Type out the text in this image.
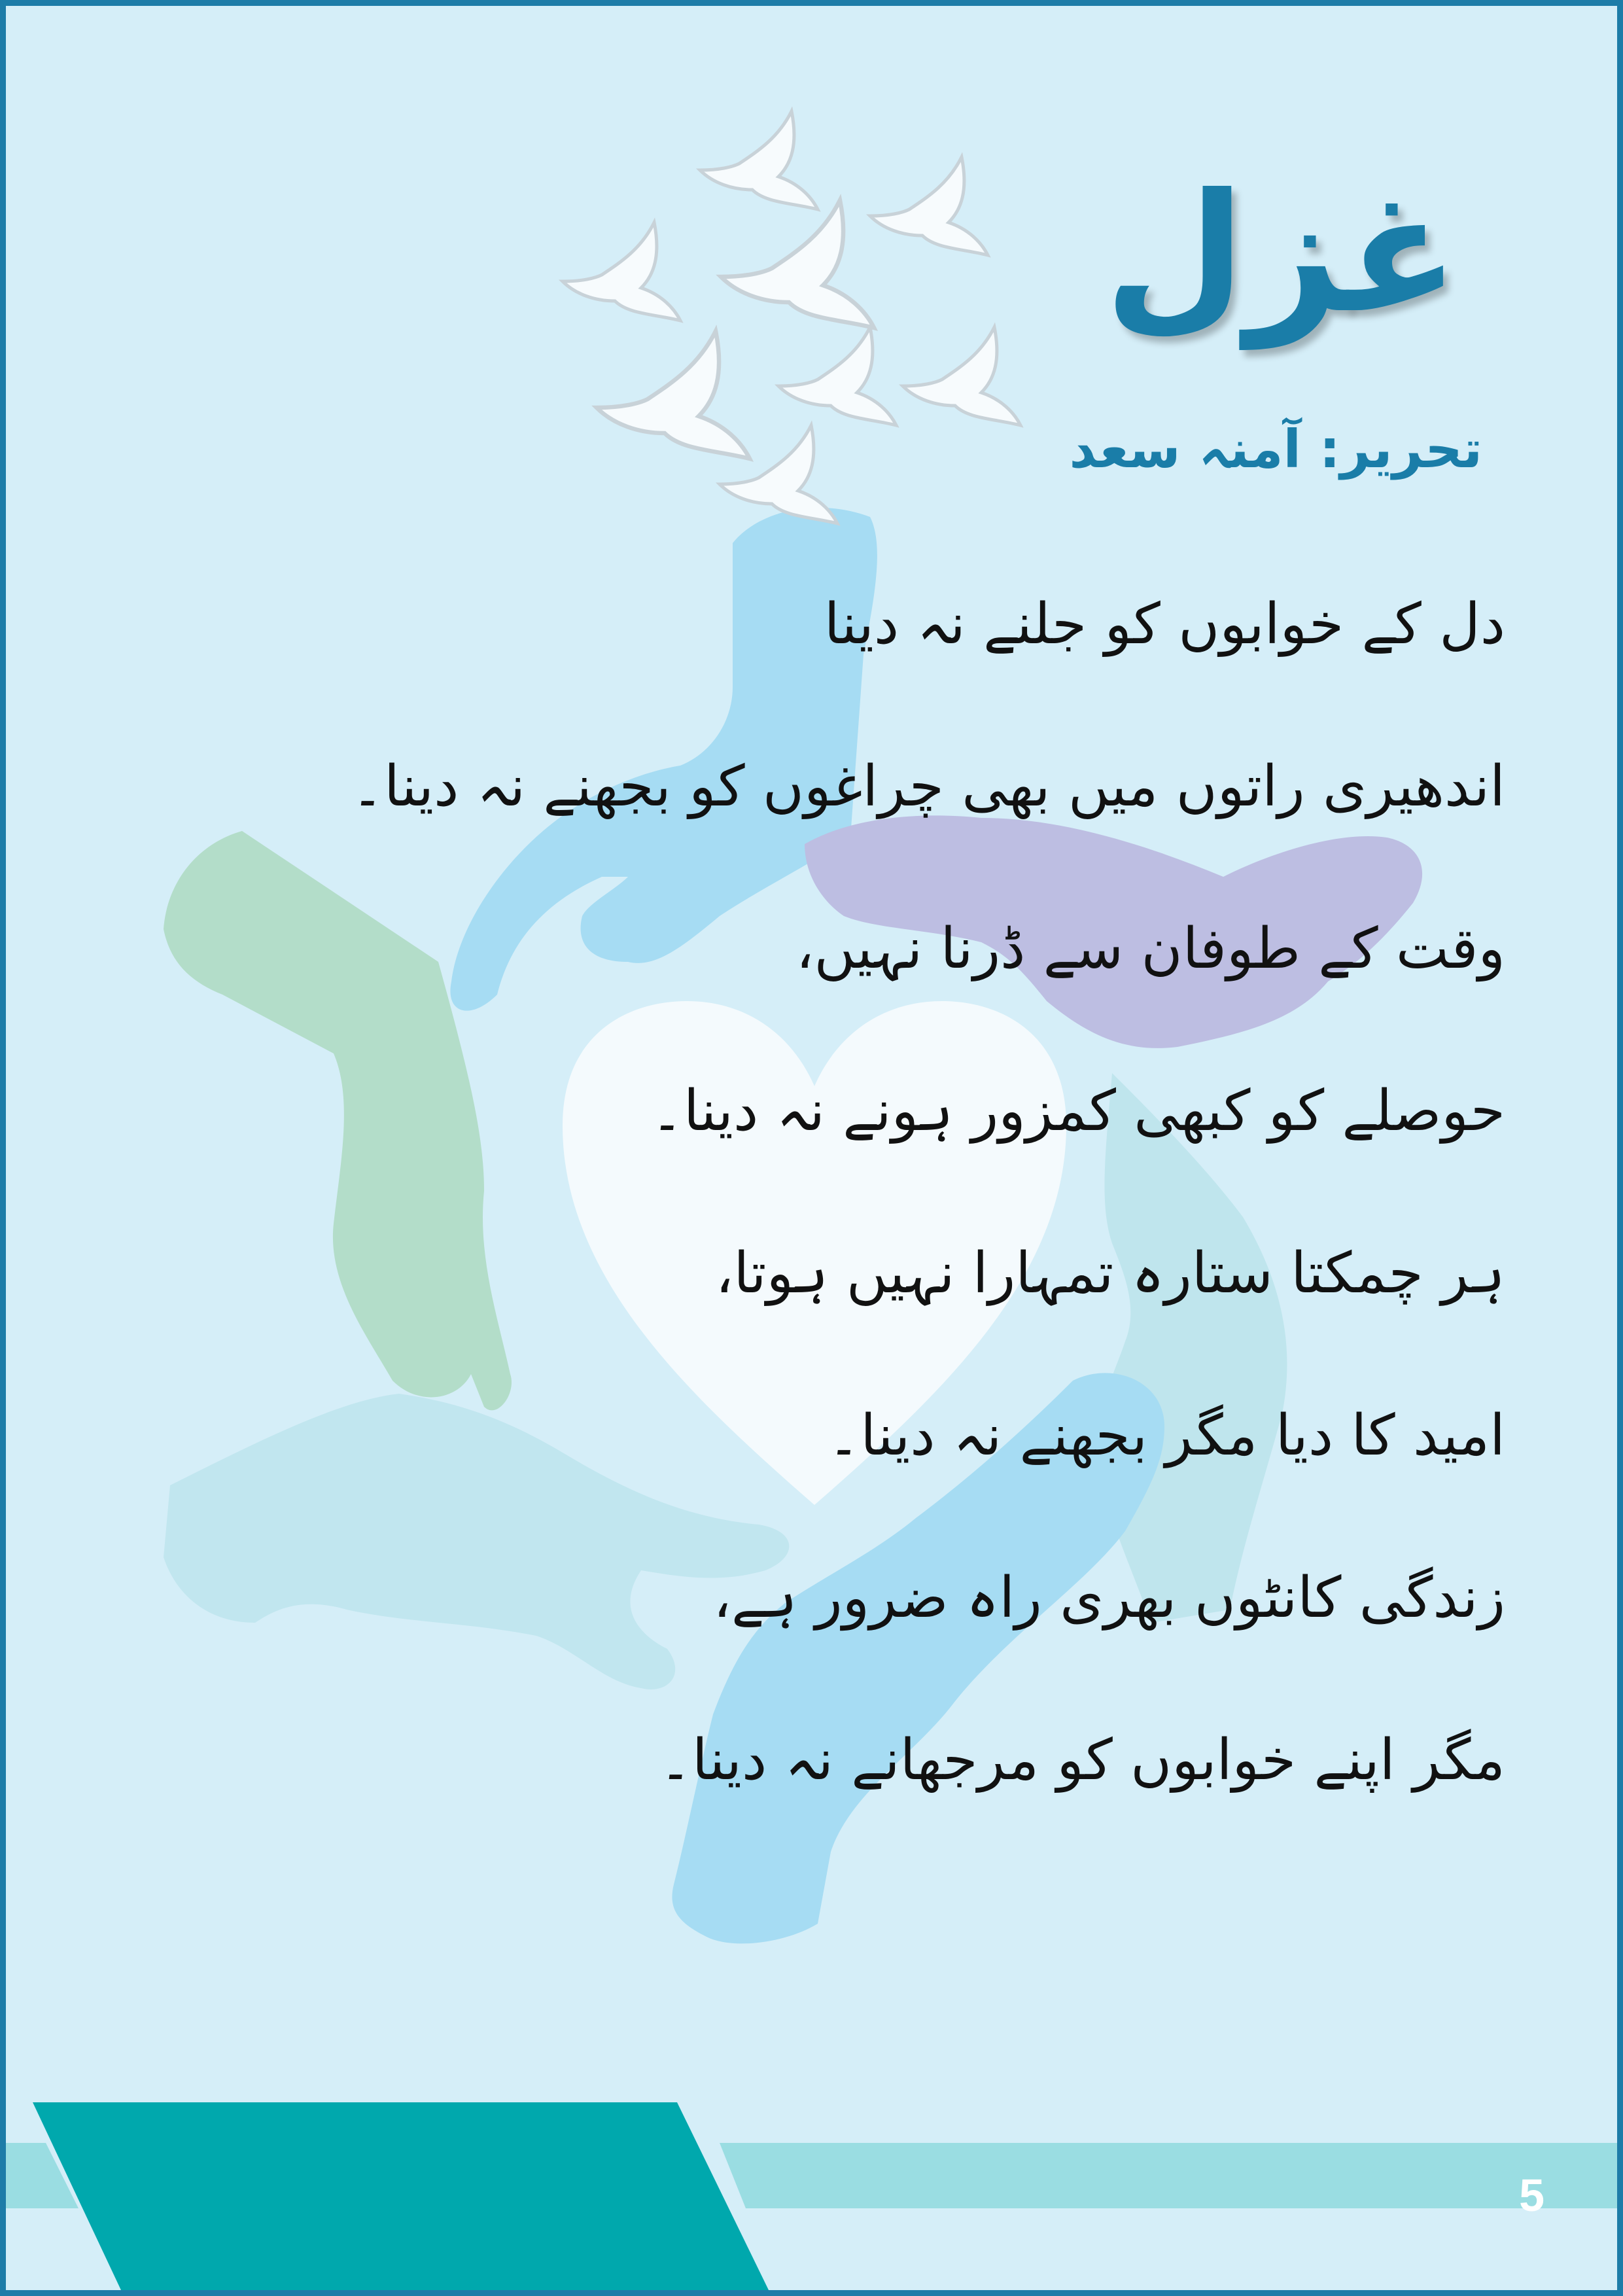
غزل
تحریر: آمنہ سعد
دل کے خوابوں کو جلنے نہ دینا
اندھیری راتوں میں بھی چراغوں کو بجھنے نہ دینا۔
وقت کے طوفان سے ڈرنا نہیں،
حوصلے کو کبھی کمزور ہونے نہ دینا۔
ہر چمکتا ستارہ تمہارا نہیں ہوتا،
امید کا دیا مگر بجھنے نہ دینا۔
زندگی کانٹوں بھری راہ ضرور ہے،
مگر اپنے خوابوں کو مرجھانے نہ دینا۔
5
